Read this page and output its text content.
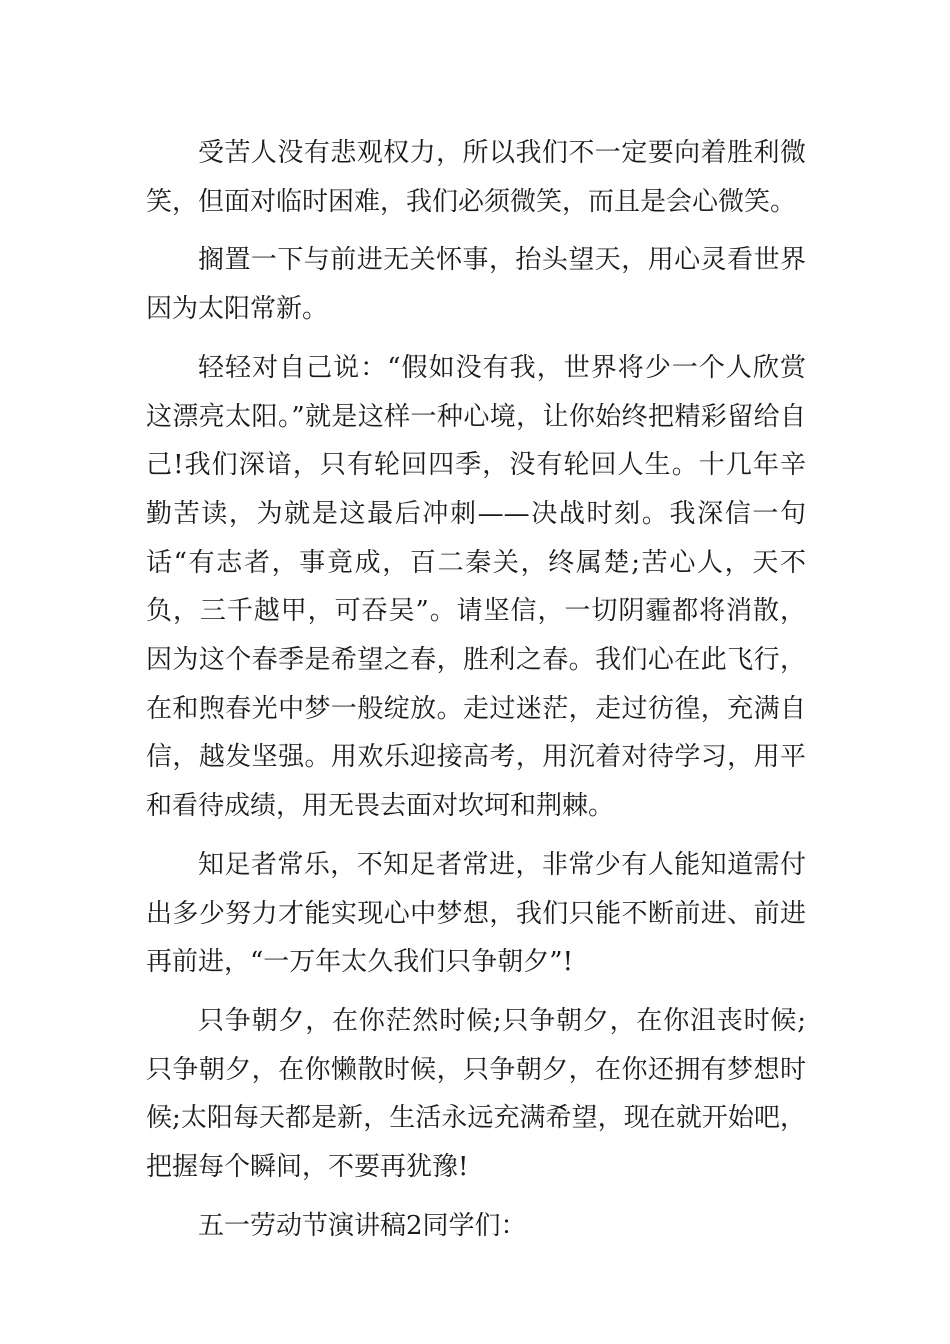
受苦人没有悲观权力，所以我们不一定要向着胜利微笑，但面对临时困难，我们必须微笑，而且是会心微笑。

搁置一下与前进无关怀事，抬头望天，用心灵看世界因为太阳常新。

轻轻对自己说：“假如没有我，世界将少一个人欣赏这漂亮太阳。”就是这样一种心境，让你始终把精彩留给自己!我们深谙，只有轮回四季，没有轮回人生。十几年辛勤苦读，为就是这最后冲刺——决战时刻。我深信一句话“有志者，事竟成，百二秦关，终属楚;苦心人，天不负，三千越甲，可吞吴”。请坚信，一切阴霾都将消散，因为这个春季是希望之春，胜利之春。我们心在此飞行，在和煦春光中梦一般绽放。走过迷茫，走过彷徨，充满自信，越发坚强。用欢乐迎接高考，用沉着对待学习，用平和看待成绩，用无畏去面对坎坷和荆棘。

知足者常乐，不知足者常进，非常少有人能知道需付出多少努力才能实现心中梦想，我们只能不断前进、前进再前进，“一万年太久我们只争朝夕”!

只争朝夕，在你茫然时候;只争朝夕，在你沮丧时候;只争朝夕，在你懒散时候，只争朝夕，在你还拥有梦想时候;太阳每天都是新，生活永远充满希望，现在就开始吧，把握每个瞬间，不要再犹豫!

五一劳动节演讲稿2同学们：
